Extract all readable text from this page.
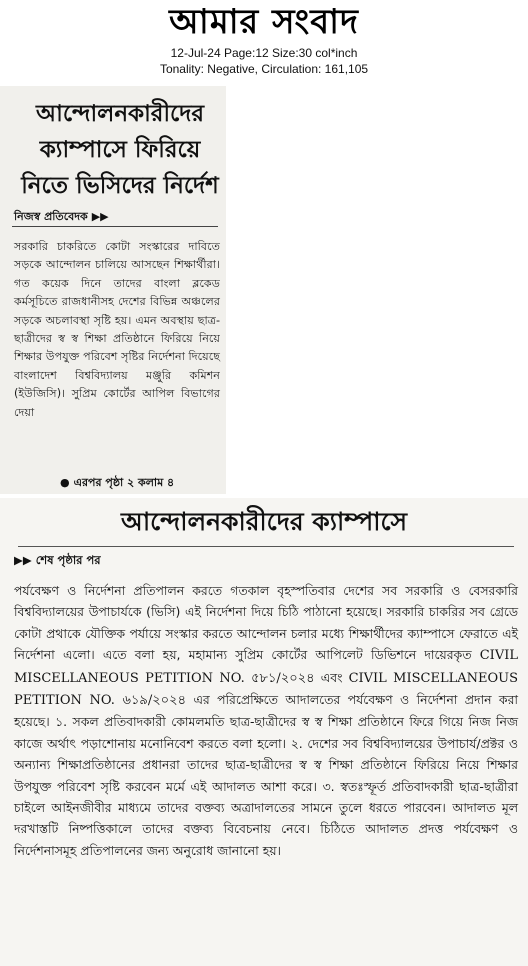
আমার সংবাদ
12-Jul-24 Page:12 Size:30 col*inch
Tonality: Negative, Circulation: 161,105
আন্দোলনকারীদের ক্যাম্পাসে ফিরিয়ে নিতে ভিসিদের নির্দেশ
নিজস্ব প্রতিবেদক ▶▶
সরকারি চাকরিতে কোটা সংস্কারের দাবিতে সড়কে আন্দোলন চালিয়ে আসছেন শিক্ষার্থীরা। গত কয়েক দিনে তাদের বাংলা ব্লকেড কর্মসূচিতে রাজধানীসহ দেশের বিভিন্ন অঞ্চলের সড়কে অচলাবস্থা সৃষ্টি হয়। এমন অবস্থায় ছাত্র-ছাত্রীদের স্ব স্ব শিক্ষা প্রতিষ্ঠানে ফিরিয়ে নিয়ে শিক্ষার উপযুক্ত পরিবেশ সৃষ্টির নির্দেশনা দিয়েছে বাংলাদেশ বিশ্ববিদ্যালয় মঞ্জুরি কমিশন (ইউজিসি)। সুপ্রিম কোর্টের আপিল বিভাগের দেয়া
● এরপর পৃষ্ঠা ২ কলাম ৪
আন্দোলনকারীদের ক্যাম্পাসে
▶▶ শেষ পৃষ্ঠার পর
পর্যবেক্ষণ ও নির্দেশনা প্রতিপালন করতে গতকাল বৃহস্পতিবার দেশের সব সরকারি ও বেসরকারি বিশ্ববিদ্যালয়ের উপাচার্যকে (ভিসি) এই নির্দেশনা দিয়ে চিঠি পাঠানো হয়েছে। সরকারি চাকরির সব গ্রেডে কোটা প্রথাকে যৌক্তিক পর্যায়ে সংস্কার করতে আন্দোলন চলার মধ্যে শিক্ষার্থীদের ক্যাম্পাসে ফেরাতে এই নির্দেশনা এলো। এতে বলা হয়, মহামান্য সুপ্রিম কোর্টের আপিলেট ডিভিশনে দায়েরকৃত CIVIL MISCELLANEOUS PETITION NO. ৫৮১/২০২৪ এবং CIVIL MISCELLANEOUS PETITION NO. ৬১৯/২০২৪ এর পরিপ্রেক্ষিতে আদালতের পর্যবেক্ষণ ও নির্দেশনা প্রদান করা হয়েছে। ১. সকল প্রতিবাদকারী কোমলমতি ছাত্র-ছাত্রীদের স্ব স্ব শিক্ষা প্রতিষ্ঠানে ফিরে গিয়ে নিজ নিজ কাজে অর্থাৎ পড়াশোনায় মনোনিবেশ করতে বলা হলো। ২. দেশের সব বিশ্ববিদ্যালয়ের উপাচার্য/প্রক্টর ও অন্যান্য শিক্ষাপ্রতিষ্ঠানের প্রধানরা তাদের ছাত্র-ছাত্রীদের স্ব স্ব শিক্ষা প্রতিষ্ঠানে ফিরিয়ে নিয়ে শিক্ষার উপযুক্ত পরিবেশ সৃষ্টি করবেন মর্মে এই আদালত আশা করে। ৩. স্বতঃস্ফূর্ত প্রতিবাদকারী ছাত্র-ছাত্রীরা চাইলে আইনজীবীর মাধ্যমে তাদের বক্তব্য অত্রাদালতের সামনে তুলে ধরতে পারবেন। আদালত মূল দরখাস্তটি নিষ্পত্তিকালে তাদের বক্তব্য বিবেচনায় নেবে। চিঠিতে আদালত প্রদত্ত পর্যবেক্ষণ ও নির্দেশনাসমূহ প্রতিপালনের জন্য অনুরোধ জানানো হয়।
